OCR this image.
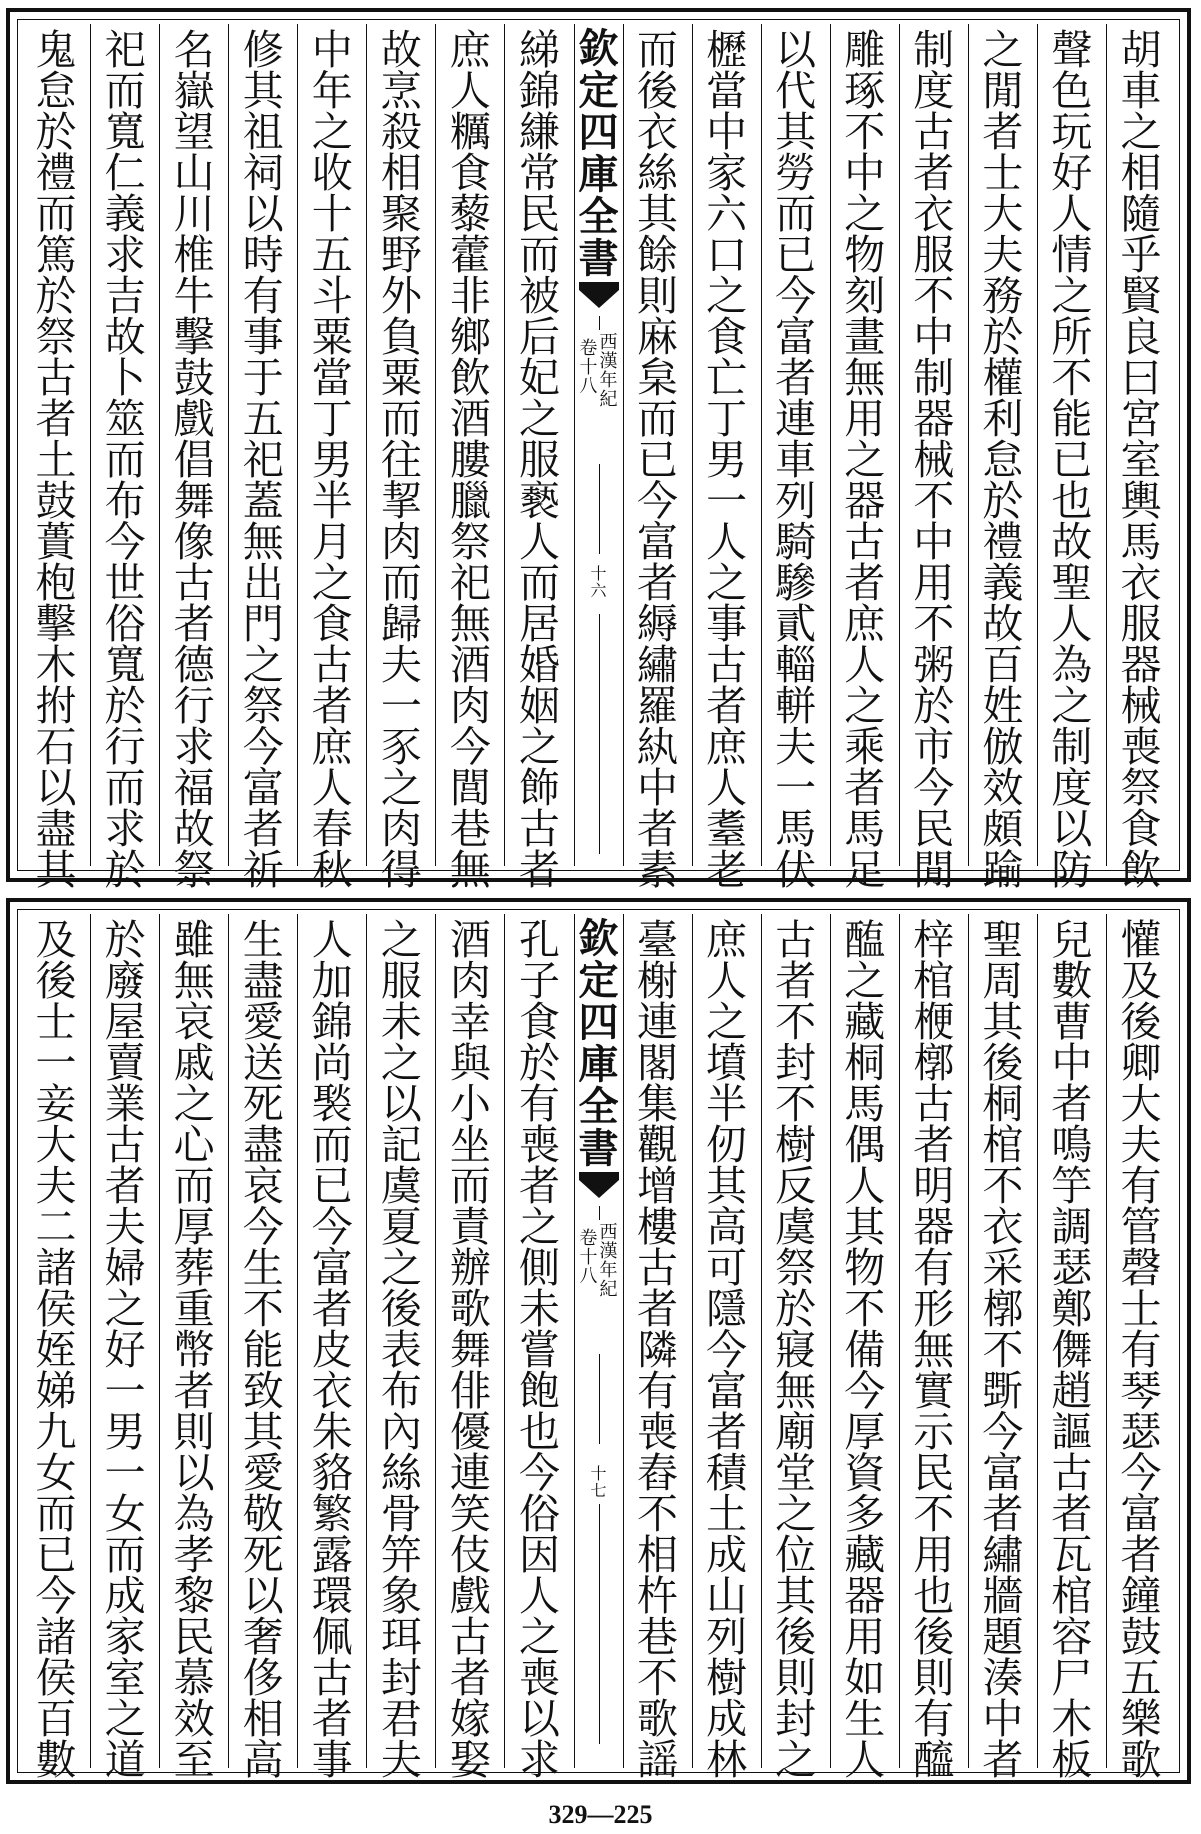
胡
車
之
相
隨
乎
賢
良
曰
宮
室
輿
馬
衣
服
器
械
喪
祭
食
飲
聲
色
玩
好
人
情
之
所
不
能
已
也
故
聖
人
為
之
制
度
以
防
之
閒
者
士
大
夫
務
於
權
利
怠
於
禮
義
故
百
姓
倣
效
頗
踰
制
度
古
者
衣
服
不
中
制
器
械
不
中
用
不
粥
於
市
今
民
閒
雕
琢
不
中
之
物
刻
畫
無
用
之
器
古
者
庶
人
之
乘
者
馬
足
以
代
其
勞
而
已
今
富
者
連
車
列
騎
驂
貳
輜
軿
夫
一
馬
伏
櫪
當
中
家
六
口
之
食
亡
丁
男
一
人
之
事
古
者
庶
人
耋
老
而
後
衣
絲
其
餘
則
麻
枲
而
已
今
富
者
縟
繡
羅
紈
中
者
素
欽
定
四
庫
全
書
西
漢
年
紀
卷
十
八
十
六
綈
錦
縑
常
民
而
被
后
妃
之
服
褻
人
而
居
婚
姻
之
飾
古
者
庶
人
糲
食
藜
藿
非
鄉
飲
酒
膢
臘
祭
祀
無
酒
肉
今
閭
巷
無
故
烹
殺
相
聚
野
外
負
粟
而
往
挈
肉
而
歸
夫
一
豕
之
肉
得
中
年
之
收
十
五
斗
粟
當
丁
男
半
月
之
食
古
者
庶
人
春
秋
修
其
祖
祠
以
時
有
事
于
五
祀
蓋
無
出
門
之
祭
今
富
者
祈
名
嶽
望
山
川
椎
牛
擊
鼓
戲
倡
舞
像
古
者
德
行
求
福
故
祭
祀
而
寬
仁
義
求
吉
故
卜
筮
而
布
今
世
俗
寬
於
行
而
求
於
鬼
怠
於
禮
而
篤
於
祭
古
者
土
鼓
蕢
枹
擊
木
拊
石
以
盡
其
懽
及
後
卿
大
夫
有
管
磬
士
有
琴
瑟
今
富
者
鐘
鼓
五
樂
歌
兒
數
曹
中
者
鳴
竽
調
瑟
鄭
儛
趙
謳
古
者
瓦
棺
容
尸
木
板
聖
周
其
後
桐
棺
不
衣
采
槨
不
斲
今
富
者
繡
牆
題
湊
中
者
梓
棺
楩
槨
古
者
明
器
有
形
無
實
示
民
不
用
也
後
則
有
醯
醢
之
藏
桐
馬
偶
人
其
物
不
備
今
厚
資
多
藏
器
用
如
生
人
古
者
不
封
不
樹
反
虞
祭
於
寢
無
廟
堂
之
位
其
後
則
封
之
庶
人
之
墳
半
仞
其
高
可
隱
今
富
者
積
土
成
山
列
樹
成
林
臺
榭
連
閣
集
觀
增
樓
古
者
隣
有
喪
舂
不
相
杵
巷
不
歌
謡
欽
定
四
庫
全
書
西
漢
年
紀
卷
十
八
十
七
孔
子
食
於
有
喪
者
之
側
未
嘗
飽
也
今
俗
因
人
之
喪
以
求
酒
肉
幸
與
小
坐
而
責
辦
歌
舞
俳
優
連
笑
伎
戲
古
者
嫁
娶
之
服
未
之
以
記
虞
夏
之
後
表
布
內
絲
骨
笄
象
珥
封
君
夫
人
加
錦
尚
褧
而
已
今
富
者
皮
衣
朱
貉
繁
露
環
佩
古
者
事
生
盡
愛
送
死
盡
哀
今
生
不
能
致
其
愛
敬
死
以
奢
侈
相
高
雖
無
哀
戚
之
心
而
厚
葬
重
幣
者
則
以
為
孝
黎
民
慕
效
至
於
廢
屋
賣
業
古
者
夫
婦
之
好
一
男
一
女
而
成
家
室
之
道
及
後
士
一
妾
大
夫
二
諸
侯
姪
娣
九
女
而
已
今
諸
侯
百
數
329—225
